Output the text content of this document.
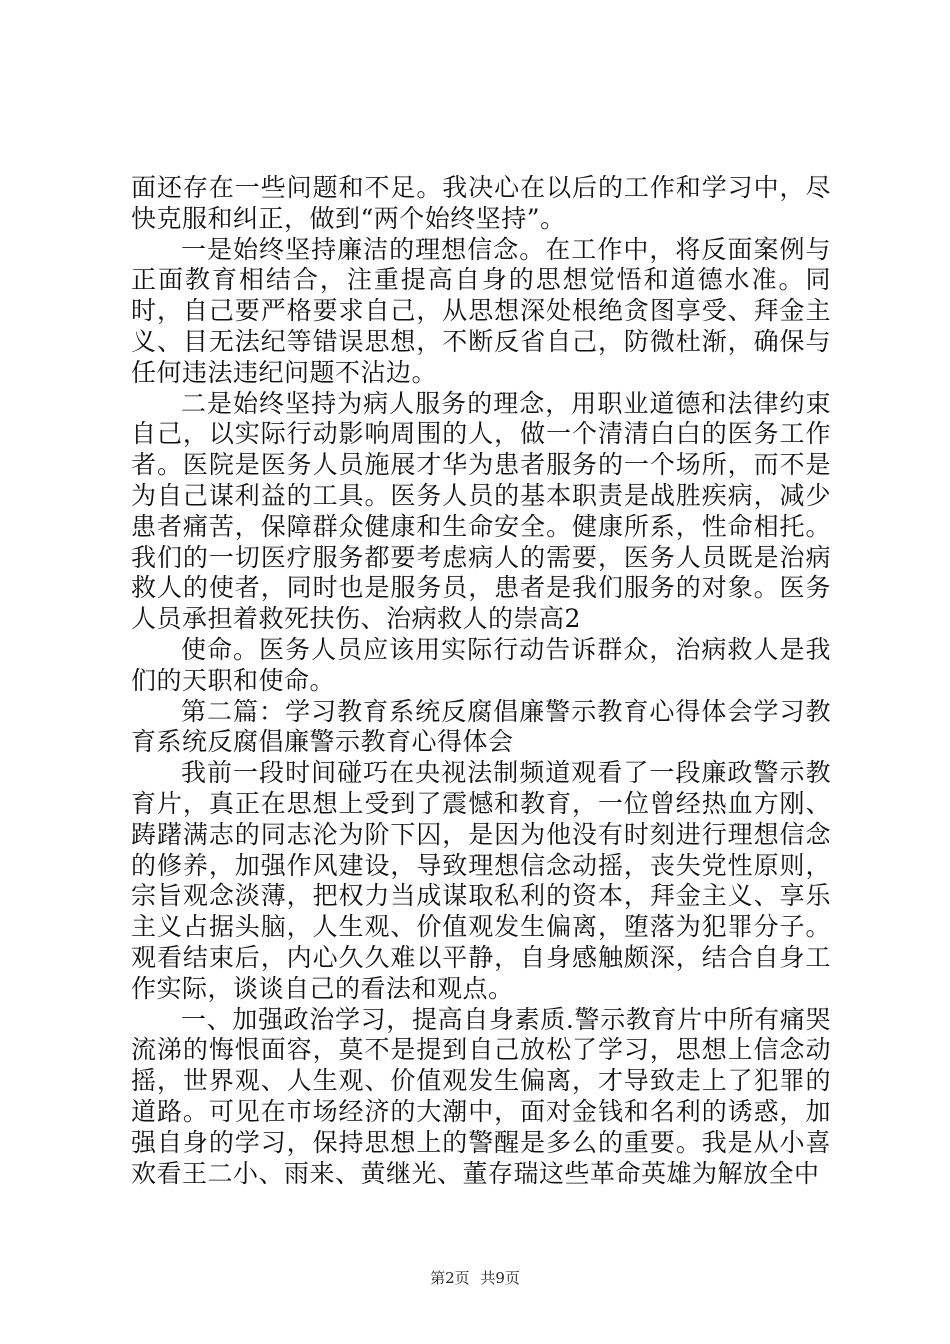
面还存在一些问题和不足。我决心在以后的工作和学习中，尽快克服和纠正，做到“两个始终坚持”。

一是始终坚持廉洁的理想信念。在工作中，将反面案例与正面教育相结合，注重提高自身的思想觉悟和道德水准。同时，自己要严格要求自己，从思想深处根绝贪图享受、拜金主义、目无法纪等错误思想，不断反省自己，防微杜渐，确保与任何违法违纪问题不沾边。

二是始终坚持为病人服务的理念，用职业道德和法律约束自己，以实际行动影响周围的人，做一个清清白白的医务工作者。医院是医务人员施展才华为患者服务的一个场所，而不是为自己谋利益的工具。医务人员的基本职责是战胜疾病，减少患者痛苦，保障群众健康和生命安全。健康所系，性命相托。我们的一切医疗服务都要考虑病人的需要，医务人员既是治病救人的使者，同时也是服务员，患者是我们服务的对象。医务人员承担着救死扶伤、治病救人的崇高2

使命。医务人员应该用实际行动告诉群众，治病救人是我们的天职和使命。

第二篇：学习教育系统反腐倡廉警示教育心得体会学习教育系统反腐倡廉警示教育心得体会

我前一段时间碰巧在央视法制频道观看了一段廉政警示教育片，真正在思想上受到了震憾和教育，一位曾经热血方刚、踌躇满志的同志沦为阶下囚，是因为他没有时刻进行理想信念的修养，加强作风建设，导致理想信念动摇，丧失党性原则，宗旨观念淡薄，把权力当成谋取私利的资本，拜金主义、享乐主义占据头脑，人生观、价值观发生偏离，堕落为犯罪分子。观看结束后，内心久久难以平静，自身感触颇深，结合自身工作实际，谈谈自己的看法和观点。

一、加强政治学习，提高自身素质.警示教育片中所有痛哭流涕的悔恨面容，莫不是提到自己放松了学习，思想上信念动摇，世界观、人生观、价值观发生偏离，才导致走上了犯罪的道路。可见在市场经济的大潮中，面对金钱和名利的诱惑，加强自身的学习，保持思想上的警醒是多么的重要。我是从小喜欢看王二小、雨来、黄继光、董存瑞这些革命英雄为解放全中

第2页 共9页
